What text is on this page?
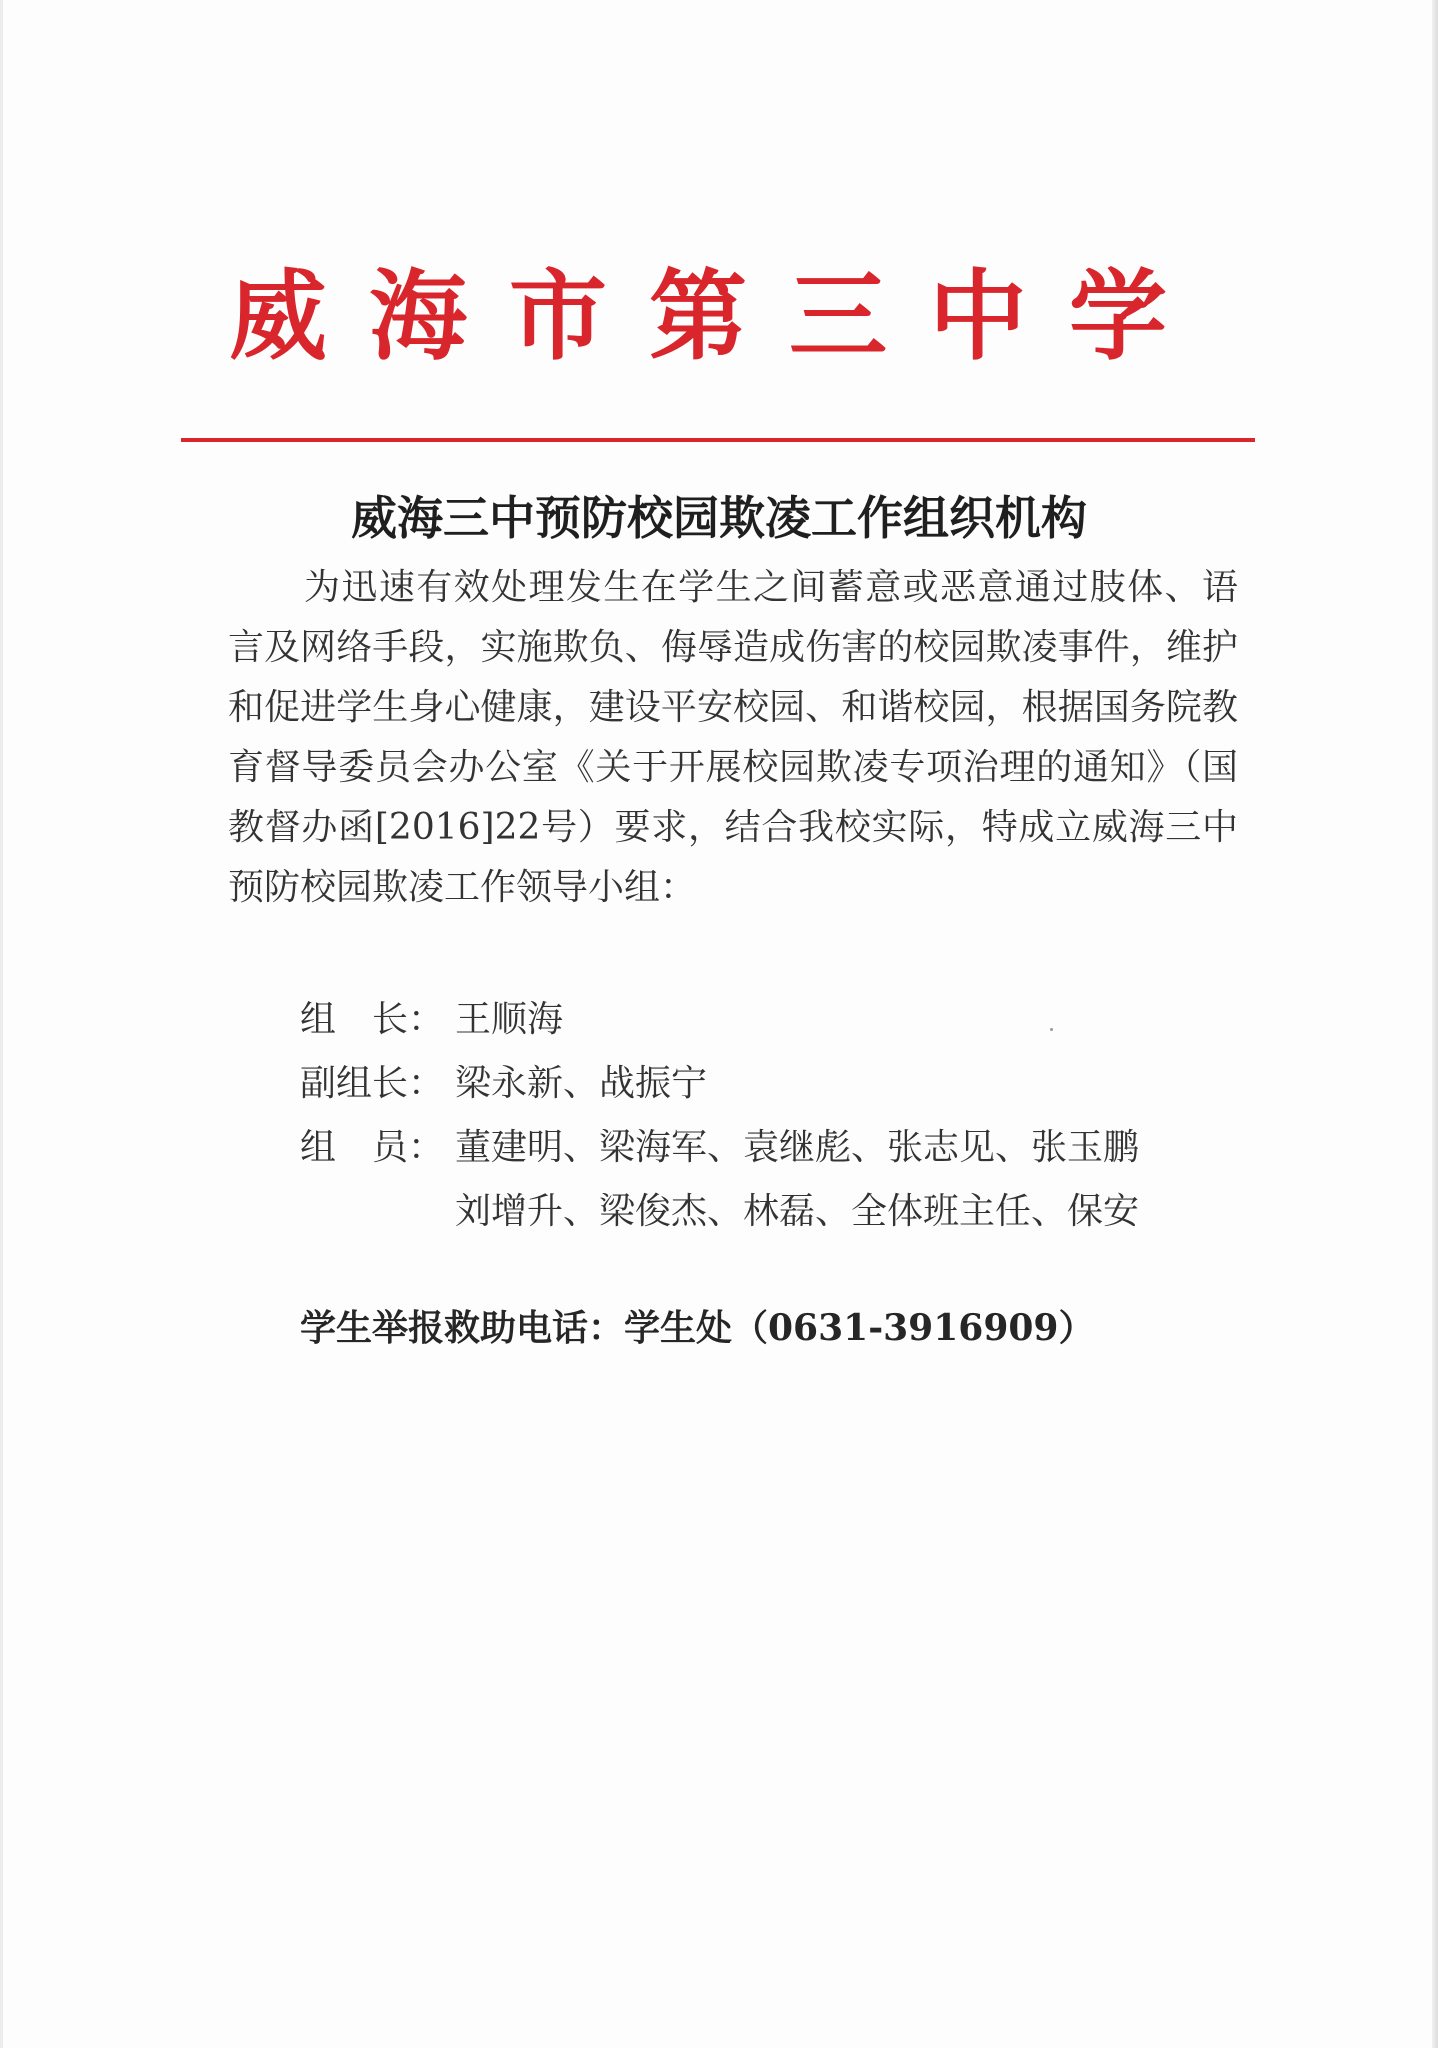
威海市第三中学
威海三中预防校园欺凌工作组织机构
为迅速有效处理发生在学生之间蓄意或恶意通过肢体、语言及网络手段，实施欺负、侮辱造成伤害的校园欺凌事件，维护和促进学生身心健康，建设平安校园、和谐校园，根据国务院教育督导委员会办公室《关于开展校园欺凌专项治理的通知》（国教督办函[2016]22号）要求，结合我校实际，特成立威海三中预防校园欺凌工作领导小组：
组　长： 王顺海
副组长： 梁永新、战振宁
组　员： 董建明、梁海军、袁继彪、张志见、张玉鹏
刘增升、梁俊杰、林磊、全体班主任、保安
学生举报救助电话：学生处（0631-3916909）
